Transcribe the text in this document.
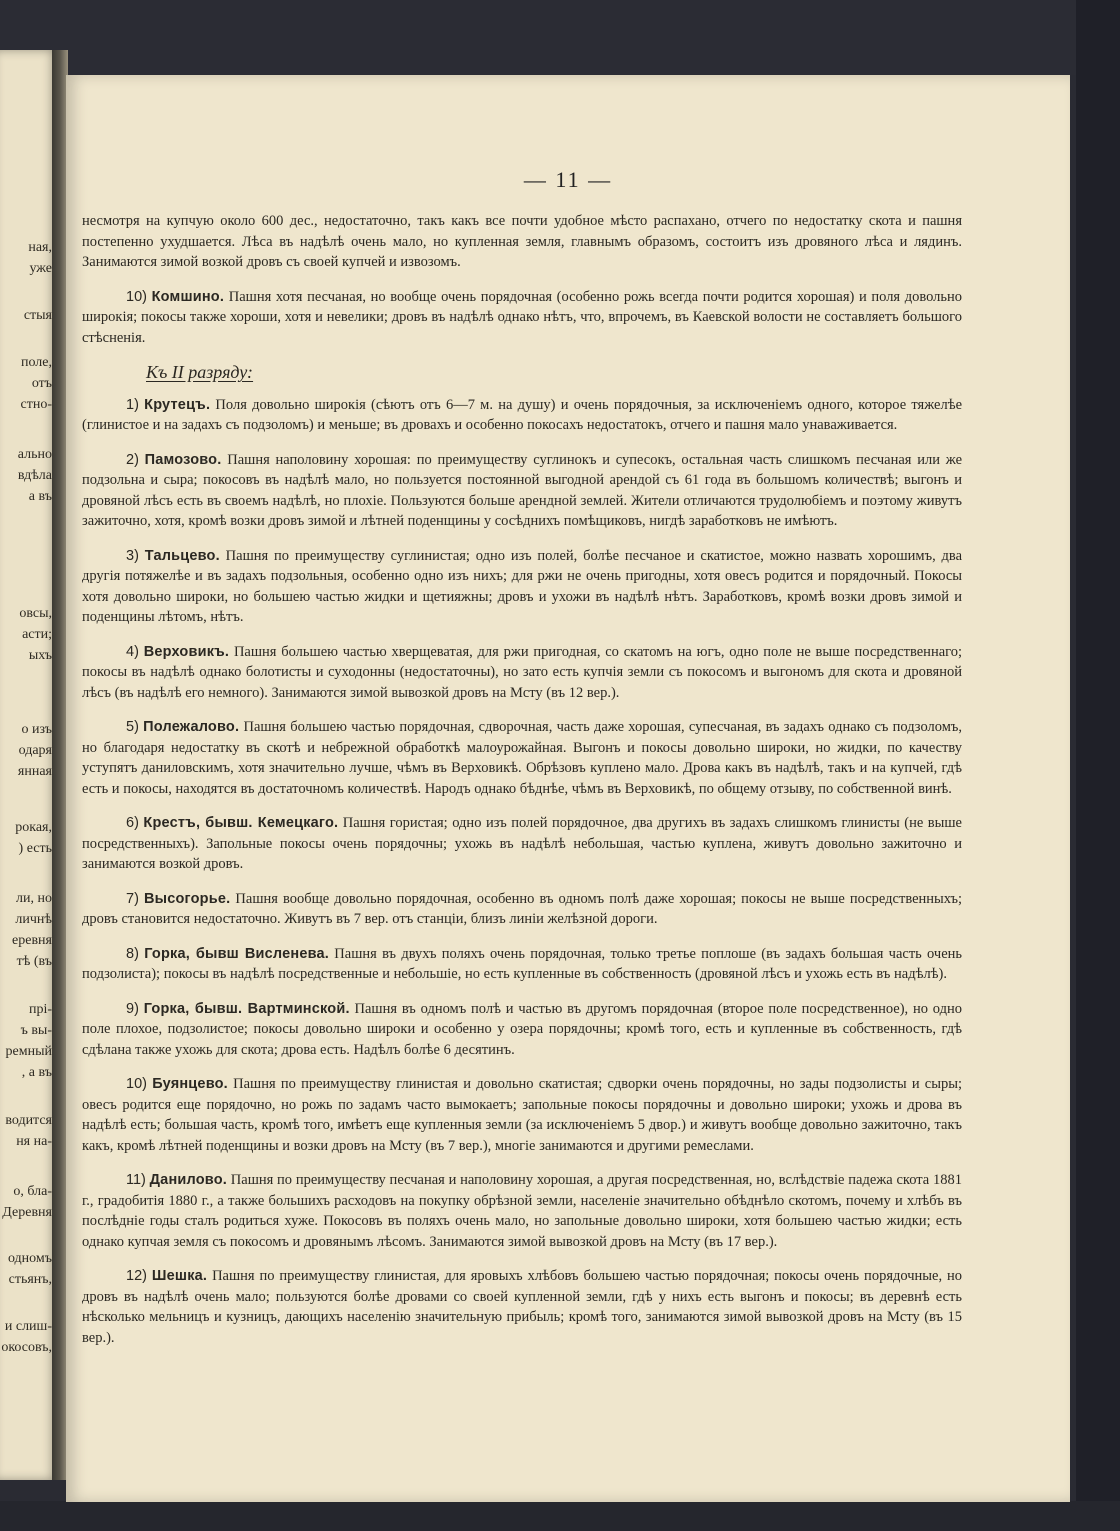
ная,
уже
стыя
поле,
отъ
стно-
ально
вдѣла
а въ
овсы,
асти;
ыхъ
о изъ
одаря
янная
рокая,
) есть
ли, но
личнѣ
еревня
тѣ (въ
прі-
ъ вы-
ремный
, а въ
водится
ня на-
о, бла-
Деревня
одномъ
стьянъ,
и слиш-
окосовъ,
— 11 —

несмотря на купчую около 600 дес., недостаточно, такъ какъ все почти удобное мѣсто распахано, отчего по недостатку скота и пашня постепенно ухудшается. Лѣса въ надѣлѣ очень мало, но купленная земля, главнымъ образомъ, состоитъ изъ дровяного лѣса и лядинъ. Занимаются зимой возкой дровъ съ своей купчей и извозомъ.

10) Комшино. Пашня хотя песчаная, но вообще очень порядочная (особенно рожь всегда почти родится хорошая) и поля довольно широкія; покосы также хороши, хотя и невелики; дровъ въ надѣлѣ однако нѣтъ, что, впрочемъ, въ Каевской волости не составляетъ большого стѣсненія.

Къ II разряду:

1) Крутецъ. Поля довольно широкія (сѣютъ отъ 6—7 м. на душу) и очень порядочныя, за исключеніемъ одного, которое тяжелѣе (глинистое и на задахъ съ подзоломъ) и меньше; въ дровахъ и особенно покосахъ недостатокъ, отчего и пашня мало унаваживается.

2) Памозово. Пашня наполовину хорошая: по преимуществу суглинокъ и супесокъ, остальная часть слишкомъ песчаная или же подзольна и сыра; покосовъ въ надѣлѣ мало, но пользуется постоянной выгодной арендой съ 61 года въ большомъ количествѣ; выгонъ и дровяной лѣсъ есть въ своемъ надѣлѣ, но плохіе. Пользуются больше арендной землей. Жители отличаются трудолюбіемъ и поэтому живутъ зажиточно, хотя, кромѣ возки дровъ зимой и лѣтней поденщины у сосѣднихъ помѣщиковъ, нигдѣ заработковъ не имѣютъ.

3) Тальцево. Пашня по преимуществу суглинистая; одно изъ полей, болѣе песчаное и скатистое, можно назвать хорошимъ, два другія потяжелѣе и въ задахъ подзольныя, особенно одно изъ нихъ; для ржи не очень пригодны, хотя овесъ родится и порядочный. Покосы хотя довольно широки, но большею частью жидки и щетияжны; дровъ и ухожи въ надѣлѣ нѣтъ. Заработковъ, кромѣ возки дровъ зимой и поденщины лѣтомъ, нѣтъ.

4) Верховикъ. Пашня большею частью хверщеватая, для ржи пригодная, со скатомъ на югъ, одно поле не выше посредственнаго; покосы въ надѣлѣ однако болотисты и суходонны (недостаточны), но зато есть купчія земли съ покосомъ и выгономъ для скота и дровяной лѣсъ (въ надѣлѣ его немного). Занимаются зимой вывозкой дровъ на Мсту (въ 12 вер.).

5) Полежалово. Пашня большею частью порядочная, сдворочная, часть даже хорошая, супесчаная, въ задахъ однако съ подзоломъ, но благодаря недостатку въ скотѣ и небрежной обработкѣ малоурожайная. Выгонъ и покосы довольно широки, но жидки, по качеству уступятъ даниловскимъ, хотя значительно лучше, чѣмъ въ Верховикѣ. Обрѣзовъ куплено мало. Дрова какъ въ надѣлѣ, такъ и на купчей, гдѣ есть и покосы, находятся въ достаточномъ количествѣ. Народъ однако бѣднѣе, чѣмъ въ Верховикѣ, по общему отзыву, по собственной винѣ.

6) Крестъ, бывш. Кемецкаго. Пашня гористая; одно изъ полей порядочное, два другихъ въ задахъ слишкомъ глинисты (не выше посредственныхъ). Запольные покосы очень порядочны; ухожь въ надѣлѣ небольшая, частью куплена, живутъ довольно зажиточно и занимаются возкой дровъ.

7) Высогорье. Пашня вообще довольно порядочная, особенно въ одномъ полѣ даже хорошая; покосы не выше посредственныхъ; дровъ становится недостаточно. Живутъ въ 7 вер. отъ станціи, близъ линіи желѣзной дороги.

8) Горка, бывш Висленева. Пашня въ двухъ поляхъ очень порядочная, только третье поплоше (въ задахъ большая часть очень подзолиста); покосы въ надѣлѣ посредственные и небольшіе, но есть купленные въ собственность (дровяной лѣсъ и ухожь есть въ надѣлѣ).

9) Горка, бывш. Вартминской. Пашня въ одномъ полѣ и частью въ другомъ порядочная (второе поле посредственное), но одно поле плохое, подзолистое; покосы довольно широки и особенно у озера порядочны; кромѣ того, есть и купленные въ собственность, гдѣ сдѣлана также ухожь для скота; дрова есть. Надѣлъ болѣе 6 десятинъ.

10) Буянцево. Пашня по преимуществу глинистая и довольно скатистая; сдворки очень порядочны, но зады подзолисты и сыры; овесъ родится еще порядочно, но рожь по задамъ часто вымокаетъ; запольные покосы порядочны и довольно широки; ухожь и дрова въ надѣлѣ есть; большая часть, кромѣ того, имѣетъ еще купленныя земли (за исключеніемъ 5 двор.) и живутъ вообще довольно зажиточно, такъ какъ, кромѣ лѣтней поденщины и возки дровъ на Мсту (въ 7 вер.), многіе занимаются и другими ремеслами.

11) Данилово. Пашня по преимуществу песчаная и наполовину хорошая, а другая посредственная, но, вслѣдствіе падежа скота 1881 г., градобитія 1880 г., а также большихъ расходовъ на покупку обрѣзной земли, населеніе значительно обѣднѣло скотомъ, почему и хлѣбъ въ послѣдніе годы сталъ родиться хуже. Покосовъ въ поляхъ очень мало, но запольные довольно широки, хотя большею частью жидки; есть однако купчая земля съ покосомъ и дровянымъ лѣсомъ. Занимаются зимой вывозкой дровъ на Мсту (въ 17 вер.).

12) Шешка. Пашня по преимуществу глинистая, для яровыхъ хлѣбовъ большею частью порядочная; покосы очень порядочные, но дровъ въ надѣлѣ очень мало; пользуются болѣе дровами со своей купленной земли, гдѣ у нихъ есть выгонъ и покосы; въ деревнѣ есть нѣсколько мельницъ и кузницъ, дающихъ населенію значительную прибыль; кромѣ того, занимаются зимой вывозкой дровъ на Мсту (въ 15 вер.).
